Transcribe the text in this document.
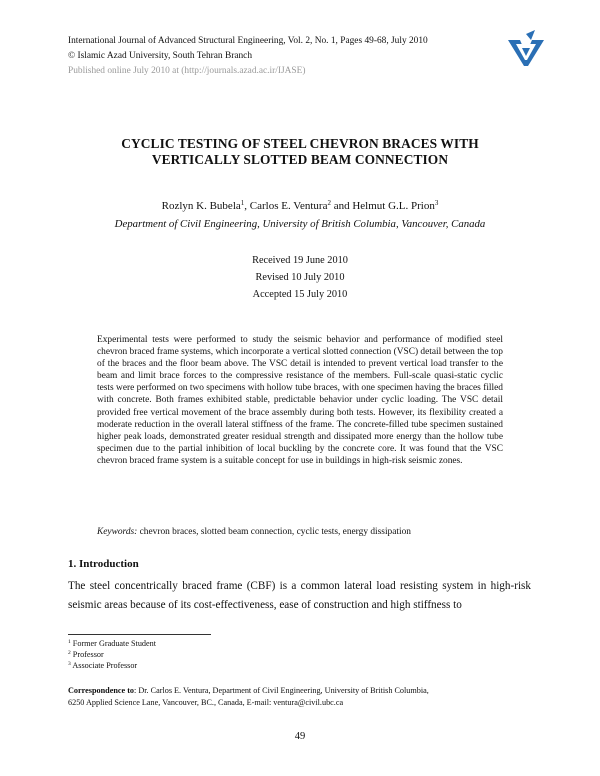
International Journal of Advanced Structural Engineering, Vol. 2, No. 1, Pages 49-68, July 2010
© Islamic Azad University, South Tehran Branch
Published online July 2010 at (http://journals.azad.ac.ir/IJASE)
CYCLIC TESTING OF STEEL CHEVRON BRACES WITH
VERTICALLY SLOTTED BEAM CONNECTION
Rozlyn K. Bubela$^1$, Carlos E. Ventura$^2$ and Helmut G.L. Prion$^3$
Department of Civil Engineering, University of British Columbia, Vancouver, Canada
Received 19 June 2010
Revised 10 July 2010
Accepted 15 July 2010

Experimental tests were performed to study the seismic behavior and performance of modified steel chevron braced frame systems, which incorporate a vertical slotted connection (VSC) detail between the top of the braces and the floor beam above. The VSC detail is intended to prevent vertical load transfer to the beam and limit brace forces to the compressive resistance of the members. Full-scale quasi-static cyclic tests were performed on two specimens with hollow tube braces, with one specimen having the braces filled with concrete. Both frames exhibited stable, predictable behavior under cyclic loading. The VSC detail provided free vertical movement of the brace assembly during both tests. However, its flexibility created a moderate reduction in the overall lateral stiffness of the frame. The concrete-filled tube specimen sustained higher peak loads, demonstrated greater residual strength and dissipated more energy than the hollow tube specimen due to the partial inhibition of local buckling by the concrete core. It was found that the VSC chevron braced frame system is a suitable concept for use in buildings in high-risk seismic zones.

Keywords: chevron braces, slotted beam connection, cyclic tests, energy dissipation
1. Introduction

The steel concentrically braced frame (CBF) is a common lateral load resisting system in high-risk seismic areas because of its cost-effectiveness, ease of construction and high stiffness to

$^1$ Former Graduate Student
$^2$ Professor
$^3$ Associate Professor
Correspondence to: Dr. Carlos E. Ventura, Department of Civil Engineering, University of British Columbia,
6250 Applied Science Lane, Vancouver, BC., Canada, E-mail: ventura@civil.ubc.ca
49
